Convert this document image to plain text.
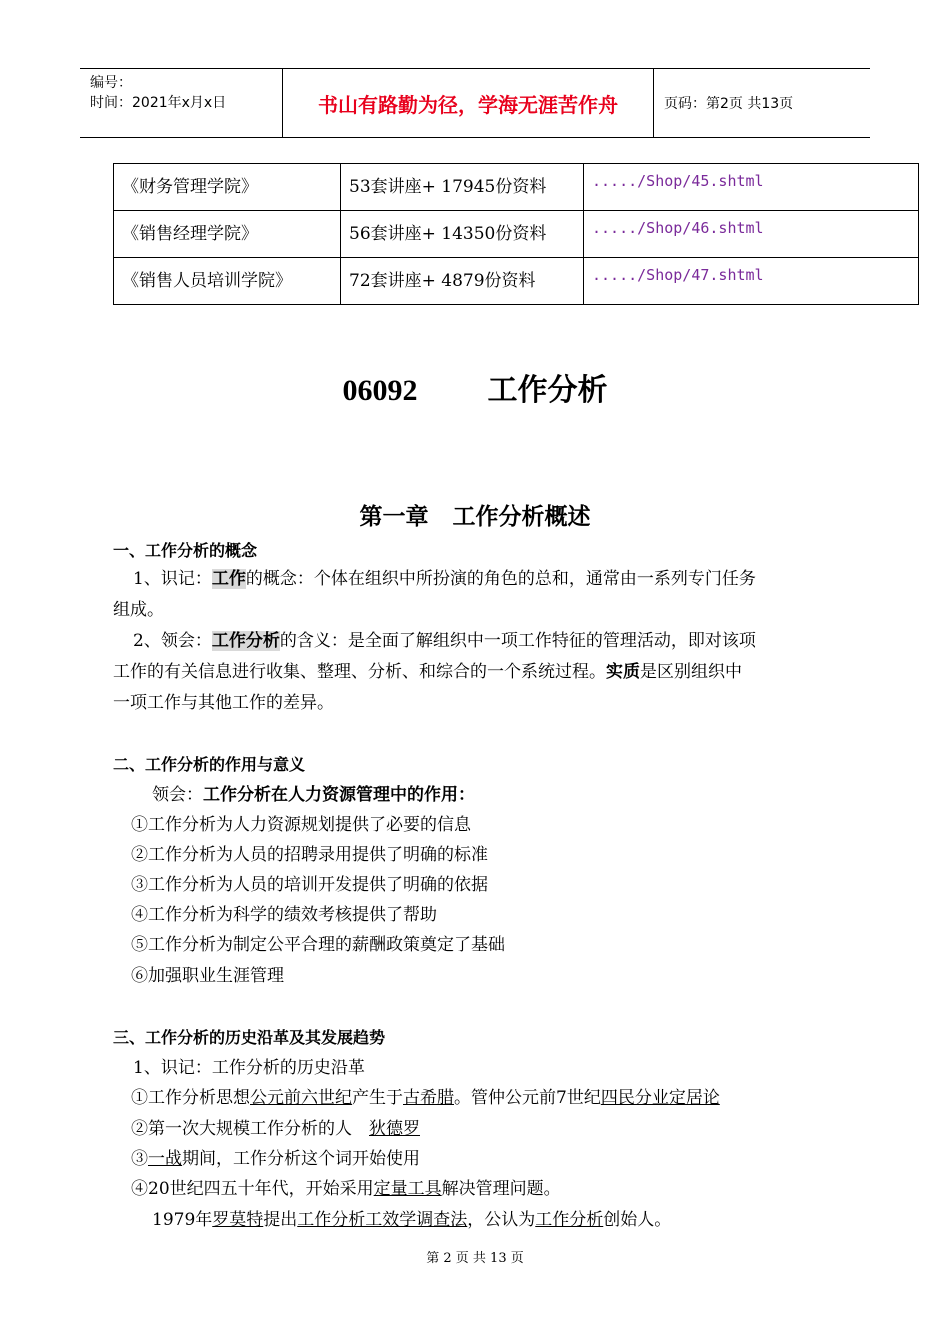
编号：
时间：2021年x月x日	书山有路勤为径，学海无涯苦作舟	页码：第2页 共13页
《财务管理学院》	53套讲座+ 17945份资料	...../Shop/45.shtml
《销售经理学院》	56套讲座+ 14350份资料	...../Shop/46.shtml
《销售人员培训学院》	72套讲座+ 4879份资料	...../Shop/47.shtml
06092 工作分析
第一章 工作分析概述
一、工作分析的概念
1、识记：工作的概念：个体在组织中所扮演的角色的总和，通常由一系列专门任务
组成。
2、领会：工作分析的含义：是全面了解组织中一项工作特征的管理活动，即对该项
工作的有关信息进行收集、整理、分析、和综合的一个系统过程。实质是区别组织中
一项工作与其他工作的差异。
二、工作分析的作用与意义
领会：工作分析在人力资源管理中的作用：
①工作分析为人力资源规划提供了必要的信息
②工作分析为人员的招聘录用提供了明确的标准
③工作分析为人员的培训开发提供了明确的依据
④工作分析为科学的绩效考核提供了帮助
⑤工作分析为制定公平合理的薪酬政策奠定了基础
⑥加强职业生涯管理
三、工作分析的历史沿革及其发展趋势
1、识记：工作分析的历史沿革
①工作分析思想公元前六世纪产生于古希腊。管仲公元前7世纪四民分业定居论
②第一次大规模工作分析的人　狄德罗
③一战期间，工作分析这个词开始使用
④20世纪四五十年代，开始采用定量工具解决管理问题。
1979年罗莫特提出工作分析工效学调查法，公认为工作分析创始人。
第 2 页 共 13 页
